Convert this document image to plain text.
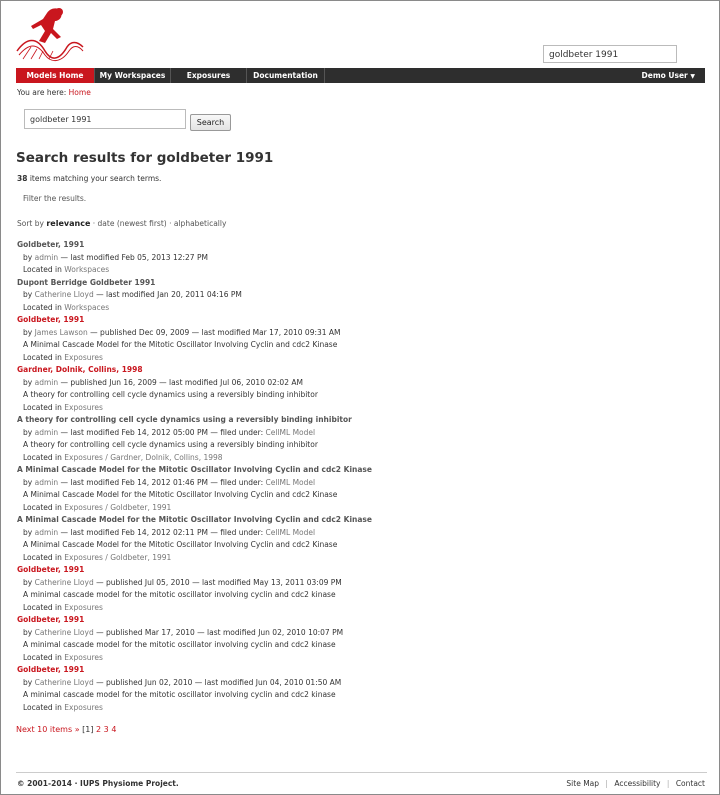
goldbeter 1991
Models Home	My Workspaces	Exposures	Documentation	Demo User ▼
You are here: Home
goldbeter 1991	Search
Search results for goldbeter 1991
38 items matching your search terms.
Filter the results.
Sort by relevance · date (newest first) · alphabetically
Goldbeter, 1991
by admin — last modified Feb 05, 2013 12:27 PM
Located in Workspaces
Dupont Berridge Goldbeter 1991
by Catherine Lloyd — last modified Jan 20, 2011 04:16 PM
Located in Workspaces
Goldbeter, 1991
by James Lawson — published Dec 09, 2009 — last modified Mar 17, 2010 09:31 AM
A Minimal Cascade Model for the Mitotic Oscillator Involving Cyclin and cdc2 Kinase
Located in Exposures
Gardner, Dolnik, Collins, 1998
by admin — published Jun 16, 2009 — last modified Jul 06, 2010 02:02 AM
A theory for controlling cell cycle dynamics using a reversibly binding inhibitor
Located in Exposures
A theory for controlling cell cycle dynamics using a reversibly binding inhibitor
by admin — last modified Feb 14, 2012 05:00 PM — filed under: CellML Model
A theory for controlling cell cycle dynamics using a reversibly binding inhibitor
Located in Exposures / Gardner, Dolnik, Collins, 1998
A Minimal Cascade Model for the Mitotic Oscillator Involving Cyclin and cdc2 Kinase
by admin — last modified Feb 14, 2012 01:46 PM — filed under: CellML Model
A Minimal Cascade Model for the Mitotic Oscillator Involving Cyclin and cdc2 Kinase
Located in Exposures / Goldbeter, 1991
A Minimal Cascade Model for the Mitotic Oscillator Involving Cyclin and cdc2 Kinase
by admin — last modified Feb 14, 2012 02:11 PM — filed under: CellML Model
A Minimal Cascade Model for the Mitotic Oscillator Involving Cyclin and cdc2 Kinase
Located in Exposures / Goldbeter, 1991
Goldbeter, 1991
by Catherine Lloyd — published Jul 05, 2010 — last modified May 13, 2011 03:09 PM
A minimal cascade model for the mitotic oscillator involving cyclin and cdc2 kinase
Located in Exposures
Goldbeter, 1991
by Catherine Lloyd — published Mar 17, 2010 — last modified Jun 02, 2010 10:07 PM
A minimal cascade model for the mitotic oscillator involving cyclin and cdc2 kinase
Located in Exposures
Goldbeter, 1991
by Catherine Lloyd — published Jun 02, 2010 — last modified Jun 04, 2010 01:50 AM
A minimal cascade model for the mitotic oscillator involving cyclin and cdc2 kinase
Located in Exposures
Next 10 items » [1] 2 3 4
© 2001-2014 · IUPS Physiome Project.	Site Map | Accessibility | Contact
